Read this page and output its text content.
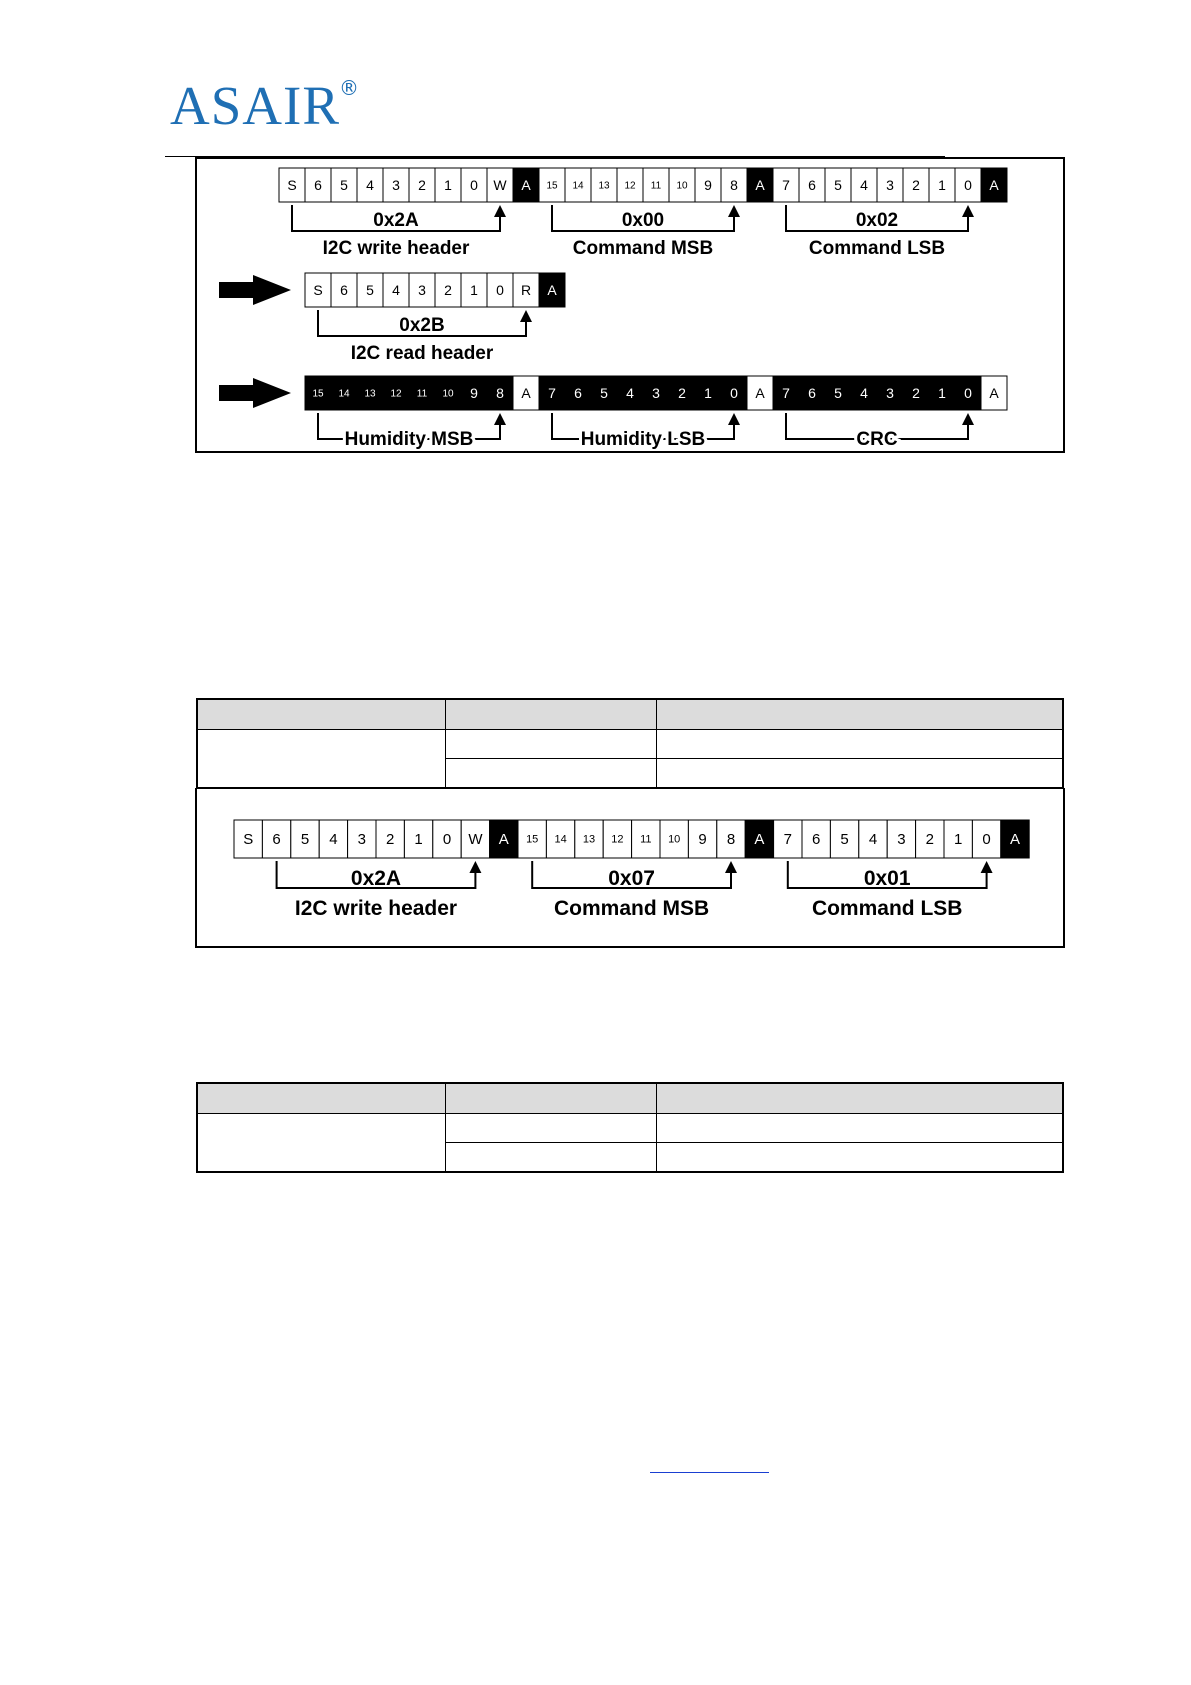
ASAIR
®
S 6 5 4 3 2 1 0 W A 15 14 13 12 11 10 9 8 A 7 6 5 4 3 2 1 0 A
0x2A
I2C write header
0x00
Command MSB
0x02
Command LSB
S 6 5 4 3 2 1 0 R A
0x2B
I2C read header
15 14 13 12 11 10 9 8 A 7 6 5 4 3 2 1 0 A 7 6 5 4 3 2 1 0 A
Humidity MSB	Humidity LSB	CRC

S 6 5 4 3 2 1 0 W A 15 14 13 12 11 10 9 8 A 7 6 5 4 3 2 1 0 A
0x2A
I2C write header
0x07
Command MSB
0x01
Command LSB
